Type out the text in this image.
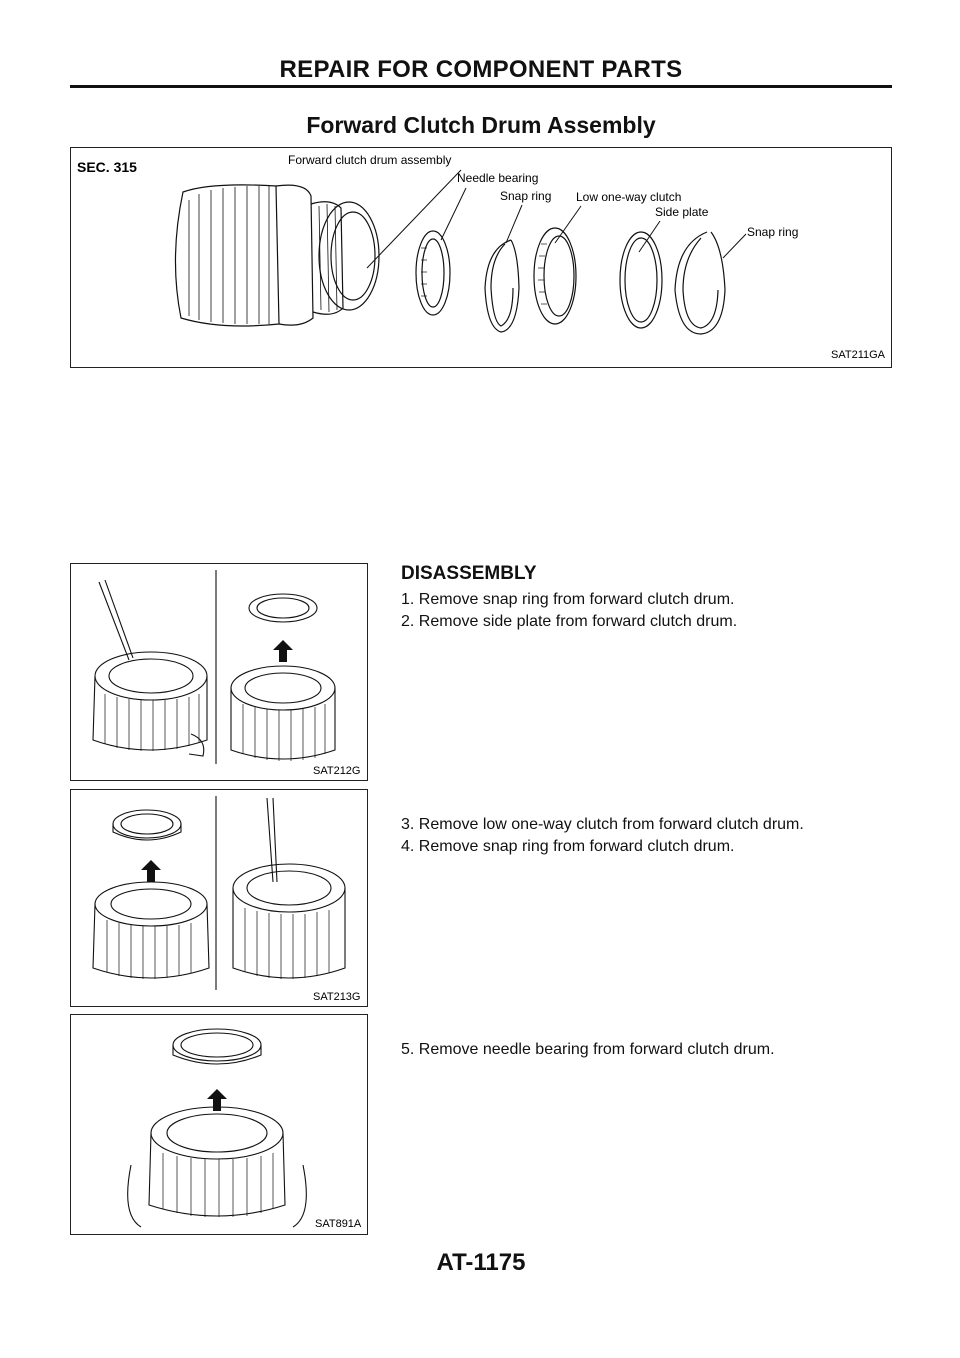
REPAIR FOR COMPONENT PARTS
Forward Clutch Drum Assembly
SEC. 315	Forward clutch drum assembly
Needle bearing
Snap ring Low one-way clutch
Side plate
Snap ring
SAT211GA
SAT212G
SAT213G
SAT891A
DISASSEMBLY
1. Remove snap ring from forward clutch drum.
2. Remove side plate from forward clutch drum.
3. Remove low one-way clutch from forward clutch drum.
4. Remove snap ring from forward clutch drum.
5. Remove needle bearing from forward clutch drum.
AT-1175
